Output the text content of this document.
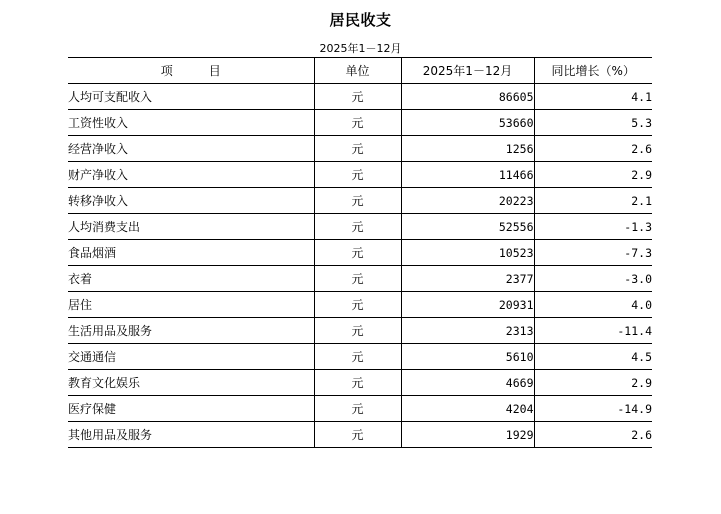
居民收支
2025年1－12月
项 目	单位	2025年1－12月	同比增长（%）
人均可支配收入	元	86605	4.1
工资性收入	元	53660	5.3
经营净收入	元	1256	2.6
财产净收入	元	11466	2.9
转移净收入	元	20223	2.1
人均消费支出	元	52556	-1.3
食品烟酒	元	10523	-7.3
衣着	元	2377	-3.0
居住	元	20931	4.0
生活用品及服务	元	2313	-11.4
交通通信	元	5610	4.5
教育文化娱乐	元	4669	2.9
医疗保健	元	4204	-14.9
其他用品及服务	元	1929	2.6
